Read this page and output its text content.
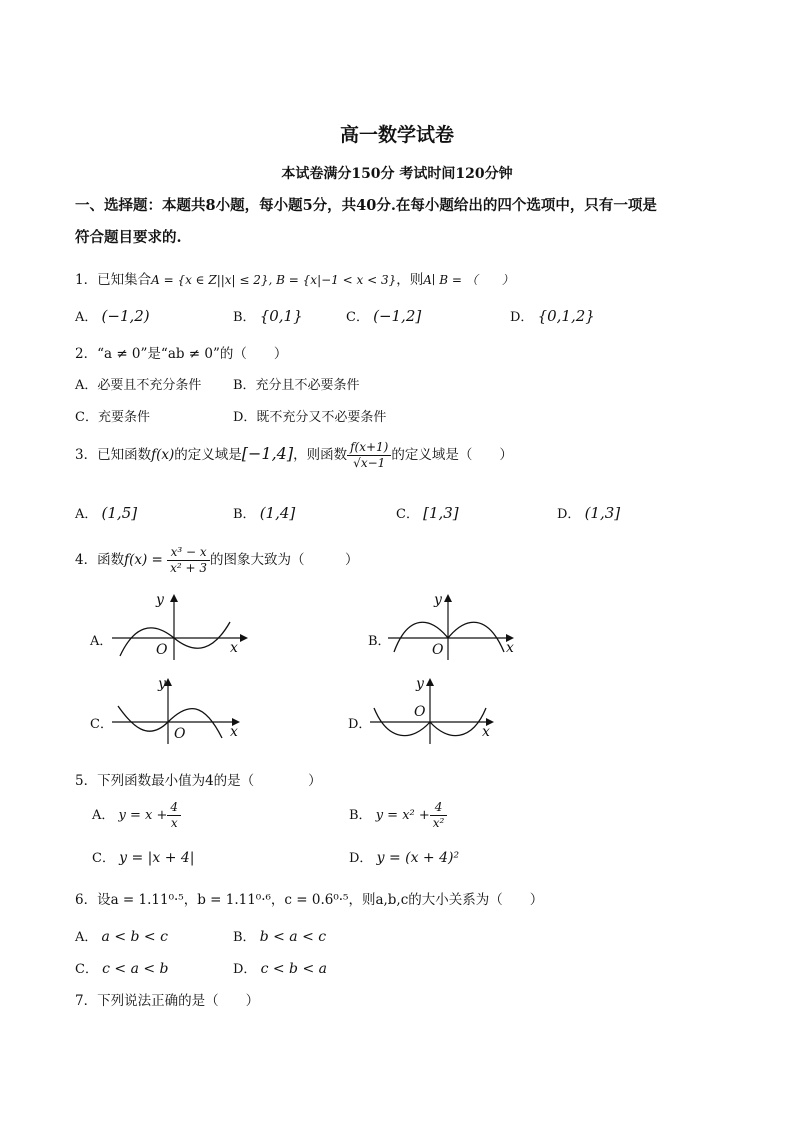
高一数学试卷
本试卷满分150分 考试时间120分钟
一、选择题：本题共8小题，每小题5分，共40分.在每小题给出的四个选项中，只有一项是
符合题目要求的.
1．已知集合A = {x ∈ Z||x| ≤ 2}, B = {x|−1 < x < 3}，则A∣ B = （　　）
A． (−1,2)	B． {0,1}	C． (−1,2]	D． {0,1,2}
2．“a ≠ 0”是“ab ≠ 0”的（　　）
A．必要且不充分条件 B．充分且不必要条件
C．充要条件	D．既不充分又不必要条件
3．已知函数f(x)的定义域是[−1,4]，则函数 $\frac{f(x+1)}{√x-1}$ 的定义域是（　　）
A． (1,5]	B． (1,4]	C． [1,3]	D． (1,3]
4．函数$f(x) = \frac{\text{x³ − x}}{\text{x² + 3}}$ 的图象大致为（　　　）
A．	B．
C．	D．
y
x
O
y
x
O
y
x
O
y
x
O
5．下列函数最小值为4的是（　　　　）
A． $y = x + \frac{4}{x}$	B． $y = x^2 + \frac{4}{\text{x²}}$
C． y = |x + 4|	D． y = (x + 4)²
6．设a = 1.11⁰·⁵，b = 1.11⁰·⁶，c = 0.6⁰·⁵，则a,b,c的大小关系为（　　）
A． a < b < c	B． b < a < c
C． c < a < b	D． c < b < a
7．下列说法正确的是（　　）
